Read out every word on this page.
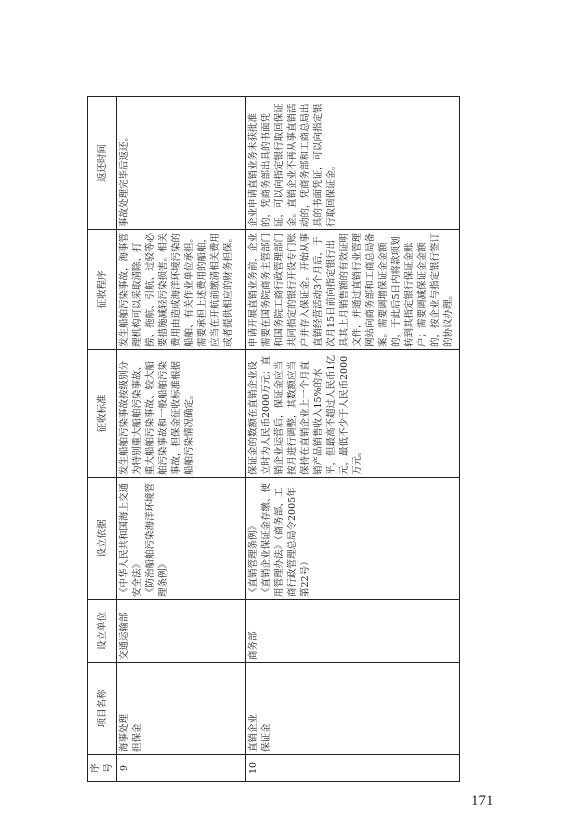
序号	项目名称	设立单位	设立依据	征收标准	征收程序	返还时间
9	海事处理担保金	交通运输部	《中华人民共和国海上交通安全法》 《防治船舶污染海洋环境管理条例》	发生船舶污染事故按级别分为特别重大船舶污染事故、重大船舶污染事故、较大船舶污染事故和一般船舶污染事故，担保金征收标准根据船舶污染情况确定。	发生船舶污染事故，海事管理机构可以采取清除、打捞、拖航、引航、过驳等必要措施减轻污染损害。相关费用由造成海洋环境污染的船舶、有关作业单位承担。需要承担上述费用的船舶，应当在开航前缴清相关费用或者提供相应的财务担保。	事故处理完毕后返还。
10	直销企业保证金	商务部	《直销管理条例》 《直销企业保证金存缴、使用管理办法》（商务部、工商行政管理总局令2005年第22号）	保证金的数额在直销企业设立时为人民币2000万元；直销企业运营后，保证金应当按月进行调整，其数额应当保持在直销企业上一个月直销产品销售收入15%的水平，但最高不超过人民币1亿元，最低不少于人民币2000万元。	申请开展直销业务前，企业需要在国务院商务主管部门和国务院工商行政管理部门共同指定的银行开设专门账户并存入保证金。开始从事直销经营活动3个月后，于次月15日前向指定银行出具其上月销售额的有效证明文件，并通过直销行业管理网站向商务部和工商总局备案。需要调增保证金金额的，于此后5日内将款项划转到其指定银行保证金账户；需要调减保证金金额的，按企业与指定银行签订的协议办理。	企业申请直销业务未获批准的，凭商务部出具的书面凭证，可以向指定银行取回保证金。直销企业不再从事直销活动的，凭商务部和工商总局出具的书面凭证，可以向指定银行取回保证金。
171
